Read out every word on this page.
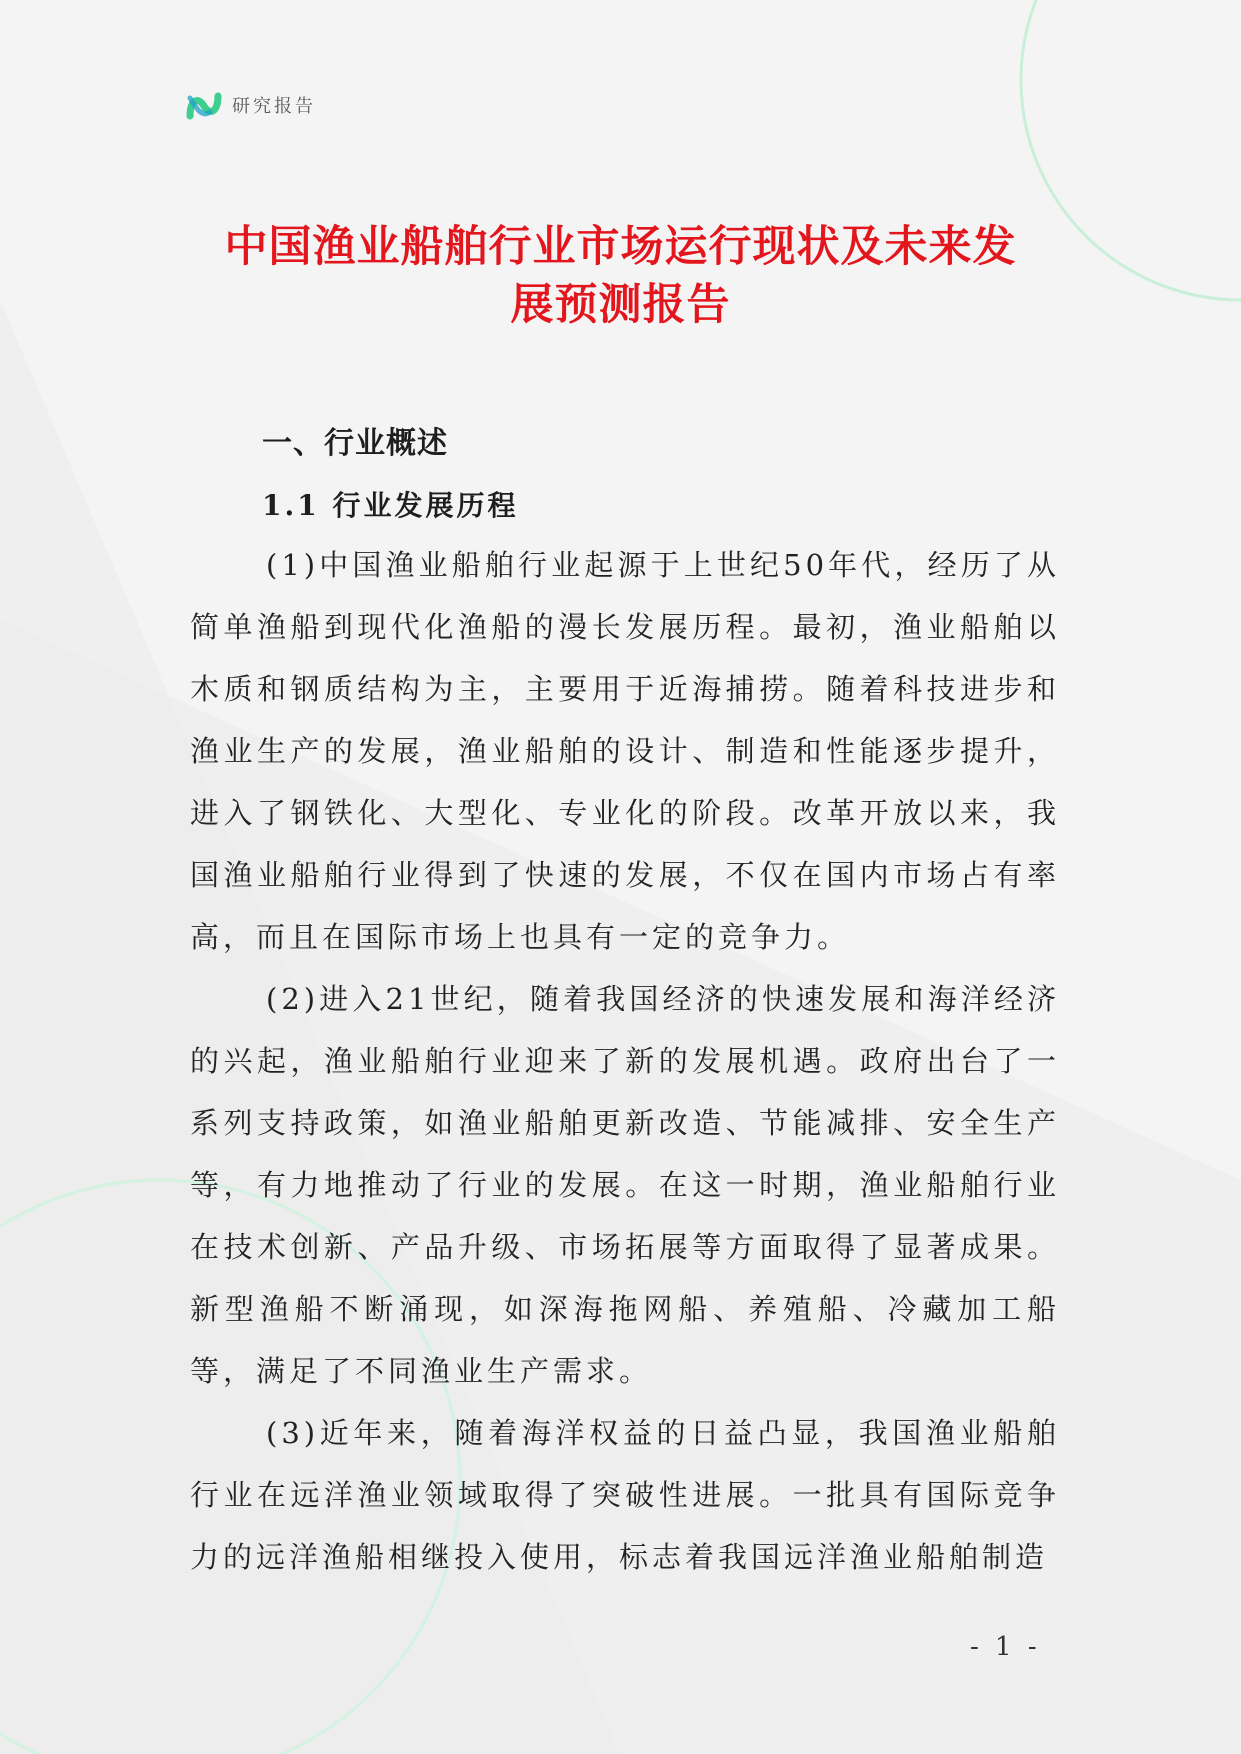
研究报告
中国渔业船舶行业市场运行现状及未来发
展预测报告
一、行业概述
1.1 行业发展历程

(1)中国渔业船舶行业起源于上世纪50年代，经历了从简单渔船到现代化渔船的漫长发展历程。最初，渔业船舶以木质和钢质结构为主，主要用于近海捕捞。随着科技进步和渔业生产的发展，渔业船舶的设计、制造和性能逐步提升，进入了钢铁化、大型化、专业化的阶段。改革开放以来，我国渔业船舶行业得到了快速的发展，不仅在国内市场占有率高，而且在国际市场上也具有一定的竞争力。

(2)进入21世纪，随着我国经济的快速发展和海洋经济的兴起，渔业船舶行业迎来了新的发展机遇。政府出台了一系列支持政策，如渔业船舶更新改造、节能减排、安全生产等，有力地推动了行业的发展。在这一时期，渔业船舶行业在技术创新、产品升级、市场拓展等方面取得了显著成果。新型渔船不断涌现，如深海拖网船、养殖船、冷藏加工船等，满足了不同渔业生产需求。

(3)近年来，随着海洋权益的日益凸显，我国渔业船舶行业在远洋渔业领域取得了突破性进展。一批具有国际竞争力的远洋渔船相继投入使用，标志着我国远洋渔业船舶制造

- 1 -
